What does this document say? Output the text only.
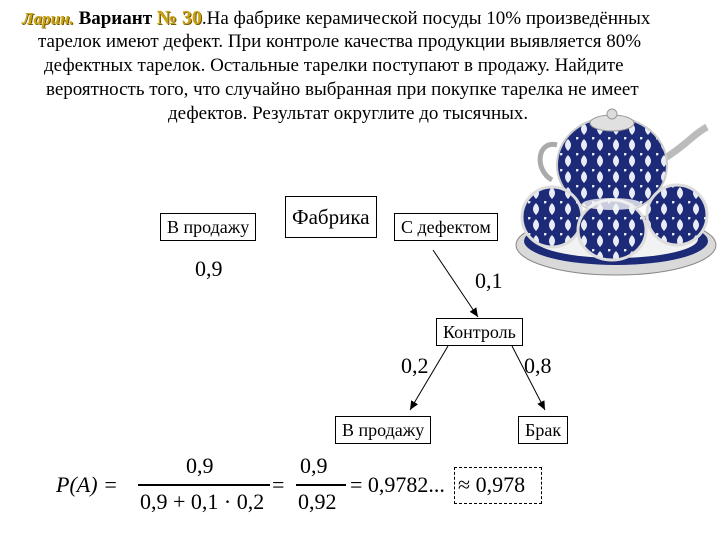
Ларин. Вариант № 30.На фабрике керамической посуды 10% произведённых
тарелок имеют дефект. При контроле качества продукции выявляется 80%
дефектных тарелок. Остальные тарелки поступают в продажу. Найдите
вероятность того, что случайно выбранная при покупке тарелка не имеет
дефектов. Результат округлите до тысячных.
В продажу	Фабрика	С дефектом
0,9	0,1
Контроль
0,2	0,8
В продажу	Брак
P(A) =
0,9
0,9 + 0,1 · 0,2
=
0,9
0,92
= 0,9782... ≈ 0,978
